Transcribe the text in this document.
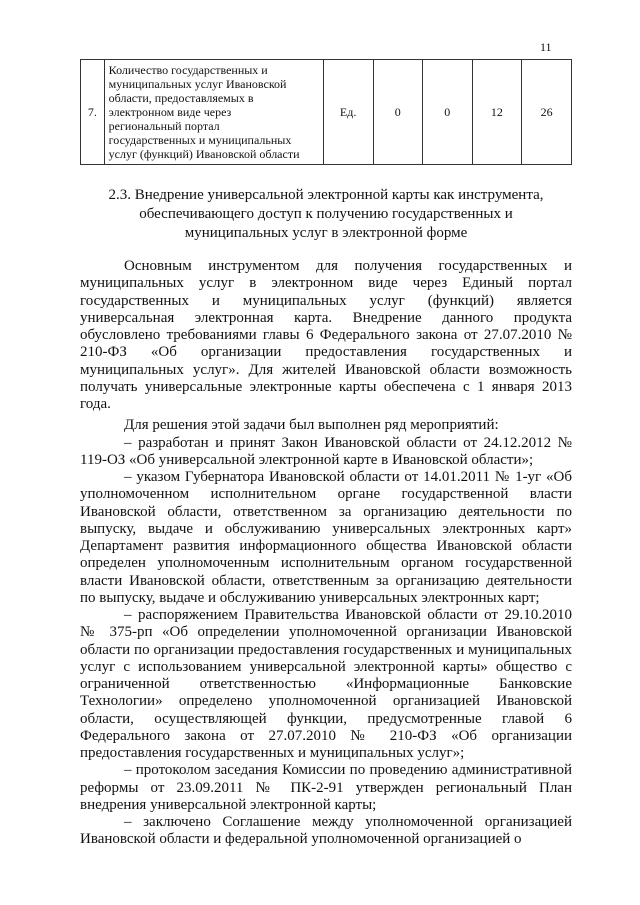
11
7.	
Количество государственных и
муниципальных услуг Ивановской
области, предоставляемых в
электронном виде через
региональный портал
государственных и муниципальных
услуг (функций) Ивановской области
	Ед.	0	0	12	26
2.3. Внедрение универсальной электронной карты как инструмента,
обеспечивающего доступ к получению государственных и
муниципальных услуг в электронной форме

Основным инструментом для получения государственных и муниципальных услуг в электронном виде через Единый портал государственных и муниципальных услуг (функций) является универсальная электронная карта. Внедрение данного продукта обусловлено требованиями главы 6 Федерального закона от 27.07.2010 № 210-ФЗ «Об организации предоставления государственных и муниципальных услуг». Для жителей Ивановской области возможность получать универсальные электронные карты обеспечена с 1 января 2013 года.

Для решения этой задачи был выполнен ряд мероприятий:

– разработан и принят Закон Ивановской области от 24.12.2012 № 119-ОЗ «Об универсальной электронной карте в Ивановской области»;

– указом Губернатора Ивановской области от 14.01.2011 № 1-уг «Об уполномоченном исполнительном органе государственной власти Ивановской области, ответственном за организацию деятельности по выпуску, выдаче и обслуживанию универсальных электронных карт» Департамент развития информационного общества Ивановской области определен уполномоченным исполнительным органом государственной власти Ивановской области, ответственным за организацию деятельности по выпуску, выдаче и обслуживанию универсальных электронных карт;

– распоряжением Правительства Ивановской области от 29.10.2010 № 375-рп «Об определении уполномоченной организации Ивановской области по организации предоставления государственных и муниципальных услуг с использованием универсальной электронной карты» общество с ограниченной ответственностью «Информационные Банковские Технологии» определено уполномоченной организацией Ивановской области, осуществляющей функции, предусмотренные главой 6 Федерального закона от 27.07.2010 № 210-ФЗ «Об организации предоставления государственных и муниципальных услуг»;

– протоколом заседания Комиссии по проведению административной реформы от 23.09.2011 № ПК-2-91 утвержден региональный План внедрения универсальной электронной карты;

– заключено Соглашение между уполномоченной организацией Ивановской области и федеральной уполномоченной организацией о
